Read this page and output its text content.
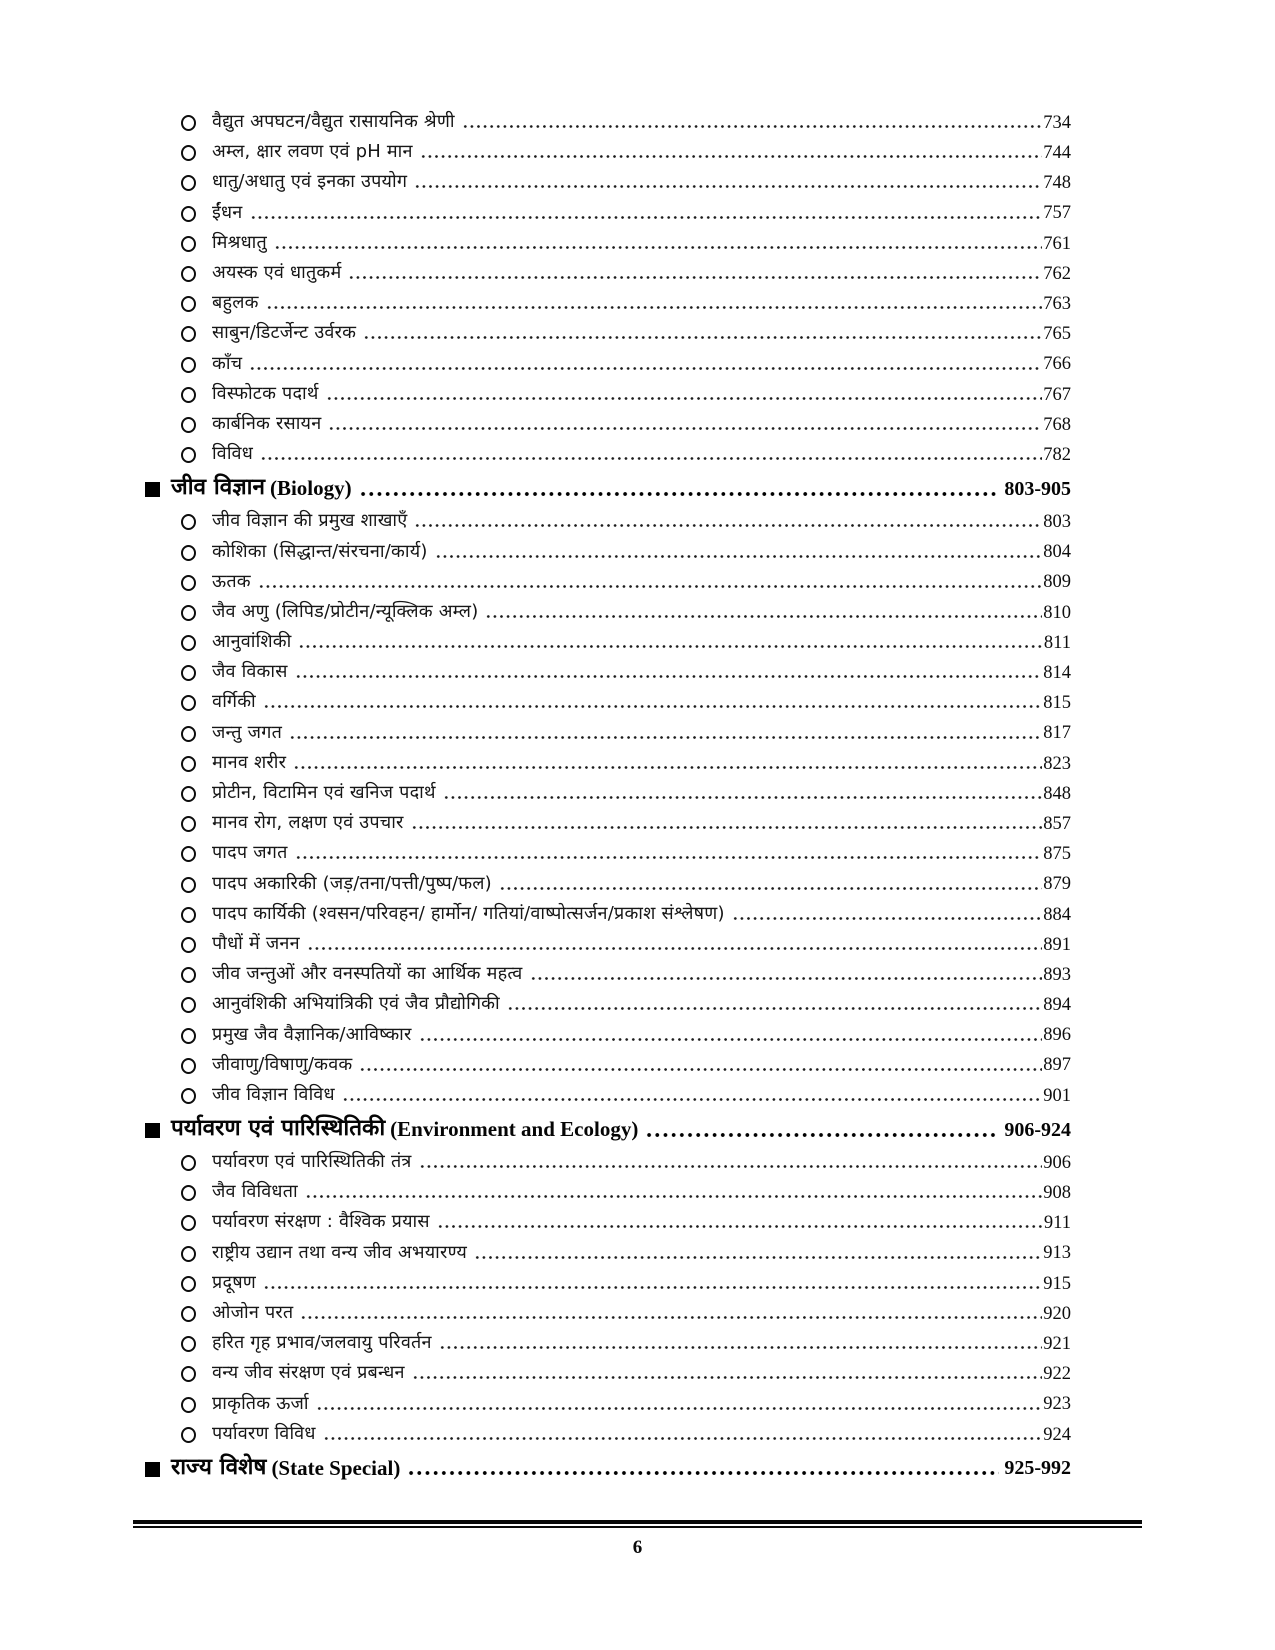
वैद्युत अपघटन/वैद्युत रासायनिक श्रेणी	734
अम्ल, क्षार लवण एवं pH मान	744
धातु/अधातु एवं इनका उपयोग	748
ईंधन	757
मिश्रधातु	761
अयस्क एवं धातुकर्म	762
बहुलक	763
साबुन/डिटर्जेन्ट उर्वरक	765
काँच	766
विस्फोटक पदार्थ	767
कार्बनिक रसायन	768
विविध	782
जीव विज्ञान (Biology)	803-905
जीव विज्ञान की प्रमुख शाखाएँ	803
कोशिका (सिद्धान्त/संरचना/कार्य)	804
ऊतक	809
जैव अणु (लिपिड/प्रोटीन/न्यूक्लिक अम्ल)	810
आनुवांशिकी	811
जैव विकास	814
वर्गिकी	815
जन्तु जगत	817
मानव शरीर	823
प्रोटीन, विटामिन एवं खनिज पदार्थ	848
मानव रोग, लक्षण एवं उपचार	857
पादप जगत	875
पादप अकारिकी (जड़/तना/पत्ती/पुष्प/फल)	879
पादप कार्यिकी (श्वसन/परिवहन/ हार्मोन/ गतियां/वाष्पोत्सर्जन/प्रकाश संश्लेषण)	884
पौधों में जनन	891
जीव जन्तुओं और वनस्पतियों का आर्थिक महत्व	893
आनुवंशिकी अभियांत्रिकी एवं जैव प्रौद्योगिकी	894
प्रमुख जैव वैज्ञानिक/आविष्कार	896
जीवाणु/विषाणु/कवक	897
जीव विज्ञान विविध	901
पर्यावरण एवं पारिस्थितिकी (Environment and Ecology)	906-924
पर्यावरण एवं पारिस्थितिकी तंत्र	906
जैव विविधता	908
पर्यावरण संरक्षण : वैश्विक प्रयास	911
राष्ट्रीय उद्यान तथा वन्य जीव अभयारण्य	913
प्रदूषण	915
ओजोन परत	920
हरित गृह प्रभाव/जलवायु परिवर्तन	921
वन्य जीव संरक्षण एवं प्रबन्धन	922
प्राकृतिक ऊर्जा	923
पर्यावरण विविध	924
राज्य विशेष (State Special)	925-992
6
